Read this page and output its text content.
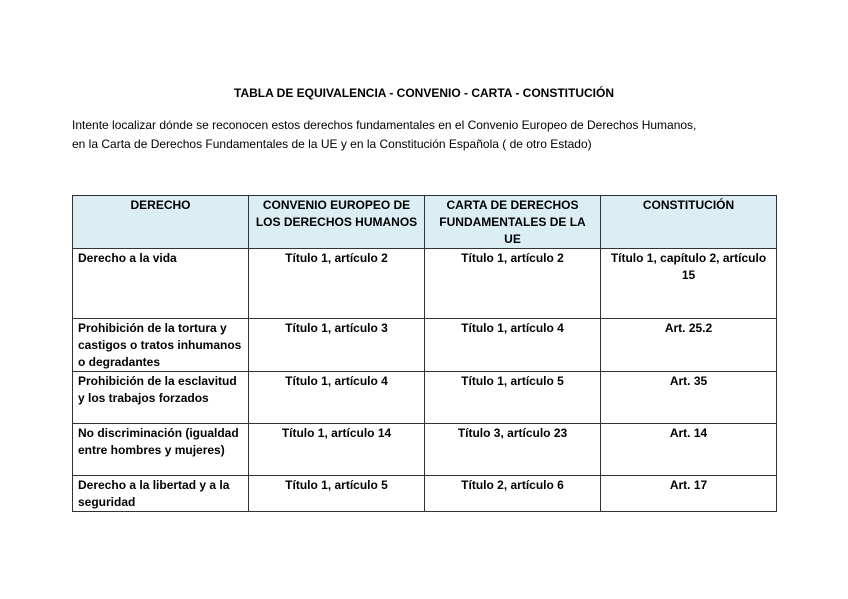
TABLA DE EQUIVALENCIA - CONVENIO - CARTA - CONSTITUCIÓN

Intente localizar dónde se reconocen estos derechos fundamentales en el Convenio Europeo de Derechos Humanos,

en la Carta de Derechos Fundamentales de la UE y en la Constitución Española ( de otro Estado)

DERECHO	CONVENIO EUROPEO DE LOS DERECHOS HUMANOS	CARTA DE DERECHOS FUNDAMENTALES DE LA UE	CONSTITUCIÓN
Derecho a la vida	Título 1, artículo 2	Título 1, artículo 2	Título 1, capítulo 2, artículo 15
Prohibición de la tortura y castigos o tratos inhumanos o degradantes	Título 1, artículo 3	Título 1, artículo 4	Art. 25.2
Prohibición de la esclavitud y los trabajos forzados	Título 1, artículo 4	Título 1, artículo 5	Art. 35
No discriminación (igualdad entre hombres y mujeres)	Título 1, artículo 14	Título 3, artículo 23	Art. 14
Derecho a la libertad y a la seguridad	Título 1, artículo 5	Título 2, artículo 6	Art. 17
